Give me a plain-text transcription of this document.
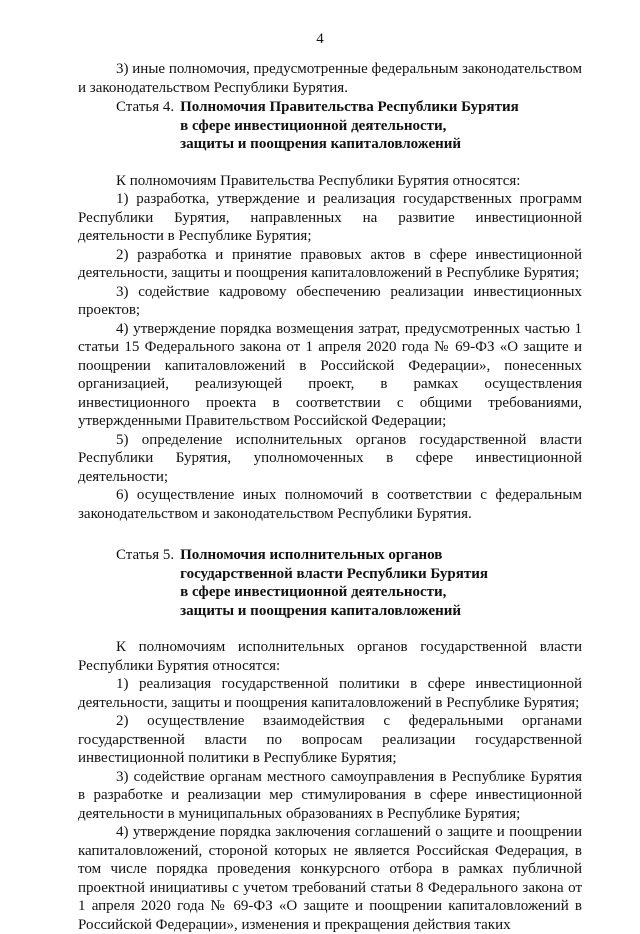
4

3) иные полномочия, предусмотренные федеральным законодательством и законодательством Республики Бурятия.

Статья 4. Полномочия Правительства Республики Бурятия
в сфере инвестиционной деятельности,
защиты и поощрения капиталовложений

К полномочиям Правительства Республики Бурятия относятся:

1) разработка, утверждение и реализация государственных программ Республики Бурятия, направленных на развитие инвестиционной деятельности в Республике Бурятия;

2) разработка и принятие правовых актов в сфере инвестиционной деятельности, защиты и поощрения капиталовложений в Республике Бурятия;

3) содействие кадровому обеспечению реализации инвестиционных проектов;

4) утверждение порядка возмещения затрат, предусмотренных частью 1 статьи 15 Федерального закона от 1 апреля 2020 года № 69-ФЗ «О защите и поощрении капиталовложений в Российской Федерации», понесенных организацией, реализующей проект, в рамках осуществления инвестиционного проекта в соответствии с общими требованиями, утвержденными Правительством Российской Федерации;

5) определение исполнительных органов государственной власти Республики Бурятия, уполномоченных в сфере инвестиционной деятельности;

6) осуществление иных полномочий в соответствии с федеральным законодательством и законодательством Республики Бурятия.

Статья 5. Полномочия исполнительных органов
государственной власти Республики Бурятия
в сфере инвестиционной деятельности,
защиты и поощрения капиталовложений

К полномочиям исполнительных органов государственной власти Республики Бурятия относятся:

1) реализация государственной политики в сфере инвестиционной деятельности, защиты и поощрения капиталовложений в Республике Бурятия;

2) осуществление взаимодействия с федеральными органами государственной власти по вопросам реализации государственной инвестиционной политики в Республике Бурятия;

3) содействие органам местного самоуправления в Республике Бурятия в разработке и реализации мер стимулирования в сфере инвестиционной деятельности в муниципальных образованиях в Республике Бурятия;

4) утверждение порядка заключения соглашений о защите и поощрении капиталовложений, стороной которых не является Российская Федерация, в том числе порядка проведения конкурсного отбора в рамках публичной проектной инициативы с учетом требований статьи 8 Федерального закона от 1 апреля 2020 года № 69-ФЗ «О защите и поощрении капиталовложений в Российской Федерации», изменения и прекращения действия таких
